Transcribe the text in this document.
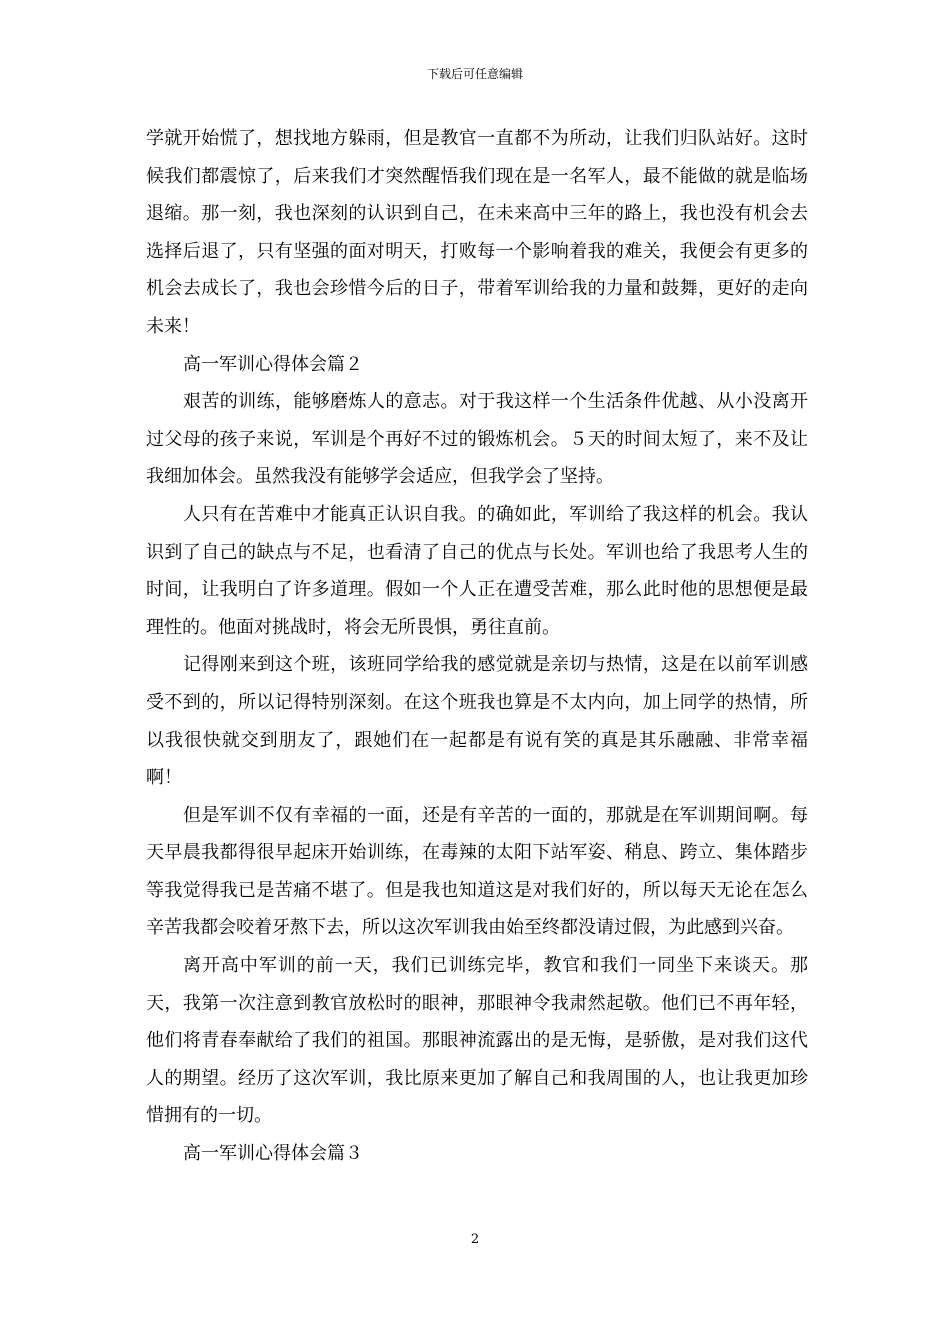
下载后可任意编辑

学就开始慌了，想找地方躲雨，但是教官一直都不为所动，让我们归队站好。这时候我们都震惊了，后来我们才突然醒悟我们现在是一名军人，最不能做的就是临场退缩。那一刻，我也深刻的认识到自己，在未来高中三年的路上，我也没有机会去选择后退了，只有坚强的面对明天，打败每一个影响着我的难关，我便会有更多的机会去成长了，我也会珍惜今后的日子，带着军训给我的力量和鼓舞，更好的走向未来！

高一军训心得体会篇２

艰苦的训练，能够磨炼人的意志。对于我这样一个生活条件优越、从小没离开过父母的孩子来说，军训是个再好不过的锻炼机会。５天的时间太短了，来不及让我细加体会。虽然我没有能够学会适应，但我学会了坚持。

人只有在苦难中才能真正认识自我。的确如此，军训给了我这样的机会。我认识到了自己的缺点与不足，也看清了自己的优点与长处。军训也给了我思考人生的时间，让我明白了许多道理。假如一个人正在遭受苦难，那么此时他的思想便是最理性的。他面对挑战时，将会无所畏惧，勇往直前。

记得刚来到这个班，该班同学给我的感觉就是亲切与热情，这是在以前军训感受不到的，所以记得特别深刻。在这个班我也算是不太内向，加上同学的热情，所以我很快就交到朋友了，跟她们在一起都是有说有笑的真是其乐融融、非常幸福啊！

但是军训不仅有幸福的一面，还是有辛苦的一面的，那就是在军训期间啊。每天早晨我都得很早起床开始训练，在毒辣的太阳下站军姿、稍息、跨立、集体踏步等我觉得我已是苦痛不堪了。但是我也知道这是对我们好的，所以每天无论在怎么辛苦我都会咬着牙熬下去，所以这次军训我由始至终都没请过假，为此感到兴奋。

离开高中军训的前一天，我们已训练完毕，教官和我们一同坐下来谈天。那天，我第一次注意到教官放松时的眼神，那眼神令我肃然起敬。他们已不再年轻，他们将青春奉献给了我们的祖国。那眼神流露出的是无悔，是骄傲，是对我们这代人的期望。经历了这次军训，我比原来更加了解自己和我周围的人，也让我更加珍惜拥有的一切。

高一军训心得体会篇３

2
